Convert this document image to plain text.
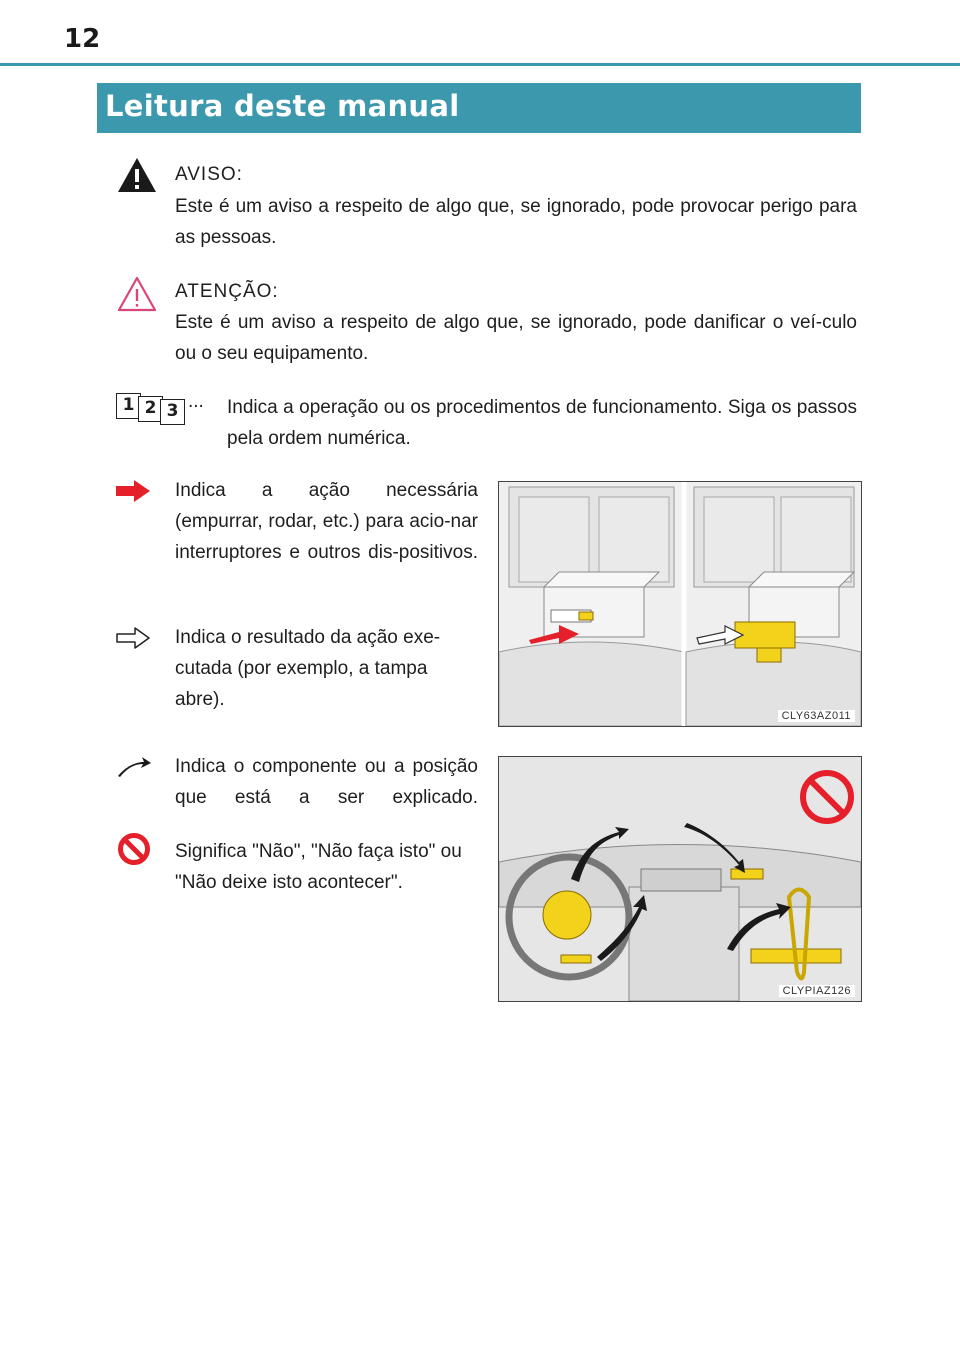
12
Leitura deste manual
AVISO:
Este é um aviso a respeito de algo que, se ignorado, pode provocar perigo para as pessoas.
ATENÇÃO:
Este é um aviso a respeito de algo que, se ignorado, pode danificar o veí-culo ou o seu equipamento.
1 2 3 ... Indica a operação ou os procedimentos de funcionamento. Siga os passos pela ordem numérica.
Indica a ação necessária (empurrar, rodar, etc.) para acio-nar interruptores e outros dis-positivos.
Indica o resultado da ação exe-cutada (por exemplo, a tampa abre).
Indica o componente ou a posição que está a ser explicado.
Significa "Não", "Não faça isto" ou "Não deixe isto acontecer".
CLY63AZ011
CLYPIAZ126
